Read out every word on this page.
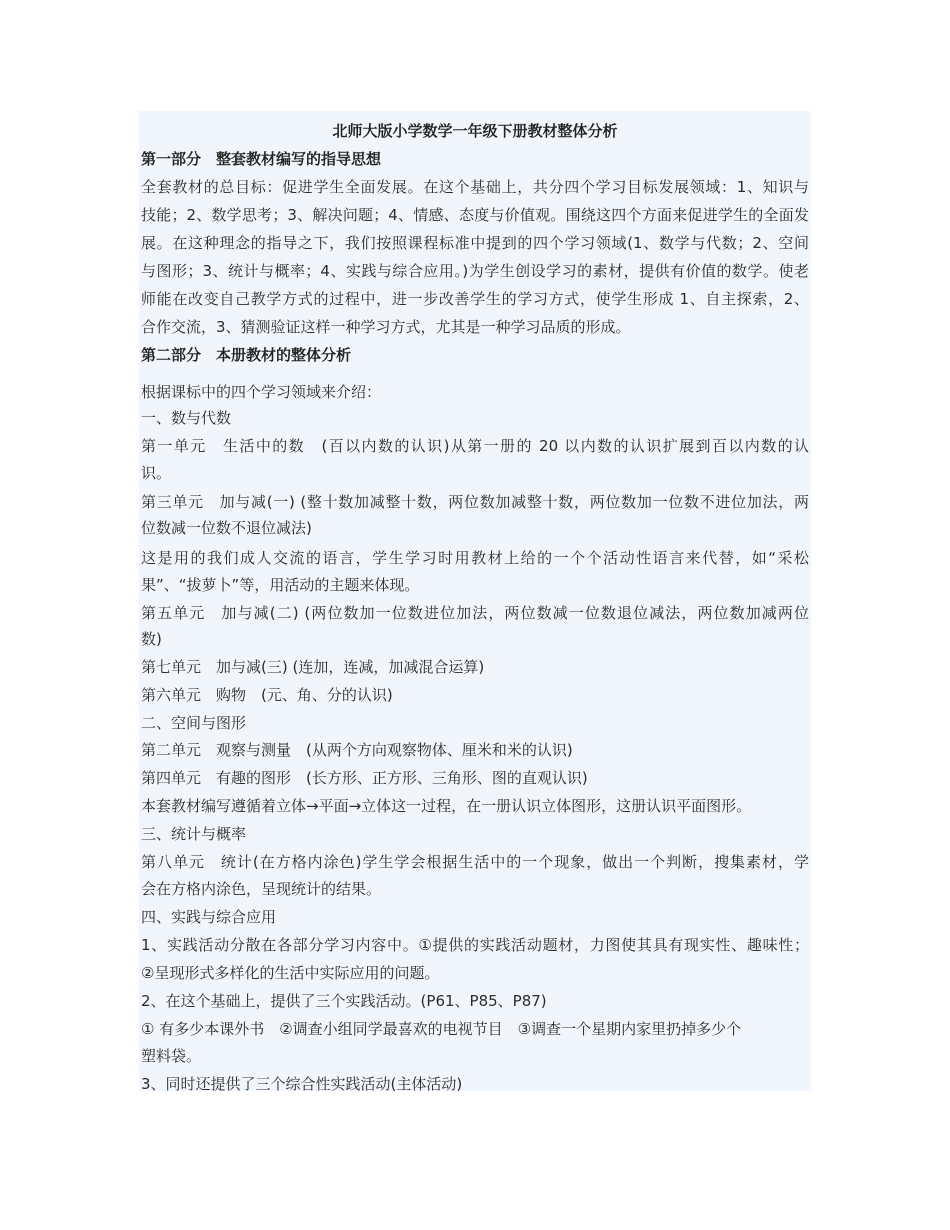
北师大版小学数学一年级下册教材整体分析
第一部分　整套教材编写的指导思想
全套教材的总目标：促进学生全面发展。在这个基础上，共分四个学习目标发展领域：1、知识与
技能；2、数学思考；3、解决问题；4、情感、态度与价值观。围绕这四个方面来促进学生的全面发
展。在这种理念的指导之下，我们按照课程标准中提到的四个学习领域(1、数学与代数；2、空间
与图形；3、统计与概率；4、实践与综合应用。)为学生创设学习的素材，提供有价值的数学。使老
师能在改变自己教学方式的过程中，进一步改善学生的学习方式，使学生形成 1、自主探索，2、
合作交流，3、猜测验证这样一种学习方式，尤其是一种学习品质的形成。
第二部分　本册教材的整体分析
根据课标中的四个学习领域来介绍：
一、数与代数
第一单元　生活中的数　(百以内数的认识)从第一册的 20 以内数的认识扩展到百以内数的认
识。
第三单元　加与减(一) (整十数加减整十数，两位数加减整十数，两位数加一位数不进位加法，两
位数减一位数不退位减法)
这是用的我们成人交流的语言，学生学习时用教材上给的一个个活动性语言来代替，如“采松
果”、“拔萝卜”等，用活动的主题来体现。
第五单元　加与减(二) (两位数加一位数进位加法，两位数减一位数退位减法，两位数加减两位
数)
第七单元　加与减(三) (连加，连减，加减混合运算)
第六单元　购物　(元、角、分的认识)
二、空间与图形
第二单元　观察与测量　(从两个方向观察物体、厘米和米的认识)
第四单元　有趣的图形　(长方形、正方形、三角形、图的直观认识)
本套教材编写遵循着立体→平面→立体这一过程，在一册认识立体图形，这册认识平面图形。
三、统计与概率
第八单元　统计(在方格内涂色)学生学会根据生活中的一个现象，做出一个判断，搜集素材，学
会在方格内涂色，呈现统计的结果。
四、实践与综合应用
1、实践活动分散在各部分学习内容中。①提供的实践活动题材，力图使其具有现实性、趣味性；
②呈现形式多样化的生活中实际应用的问题。
2、在这个基础上，提供了三个实践活动。(P61、P85、P87)
① 有多少本课外书　②调查小组同学最喜欢的电视节目　③调查一个星期内家里扔掉多少个
塑料袋。
3、同时还提供了三个综合性实践活动(主体活动)
